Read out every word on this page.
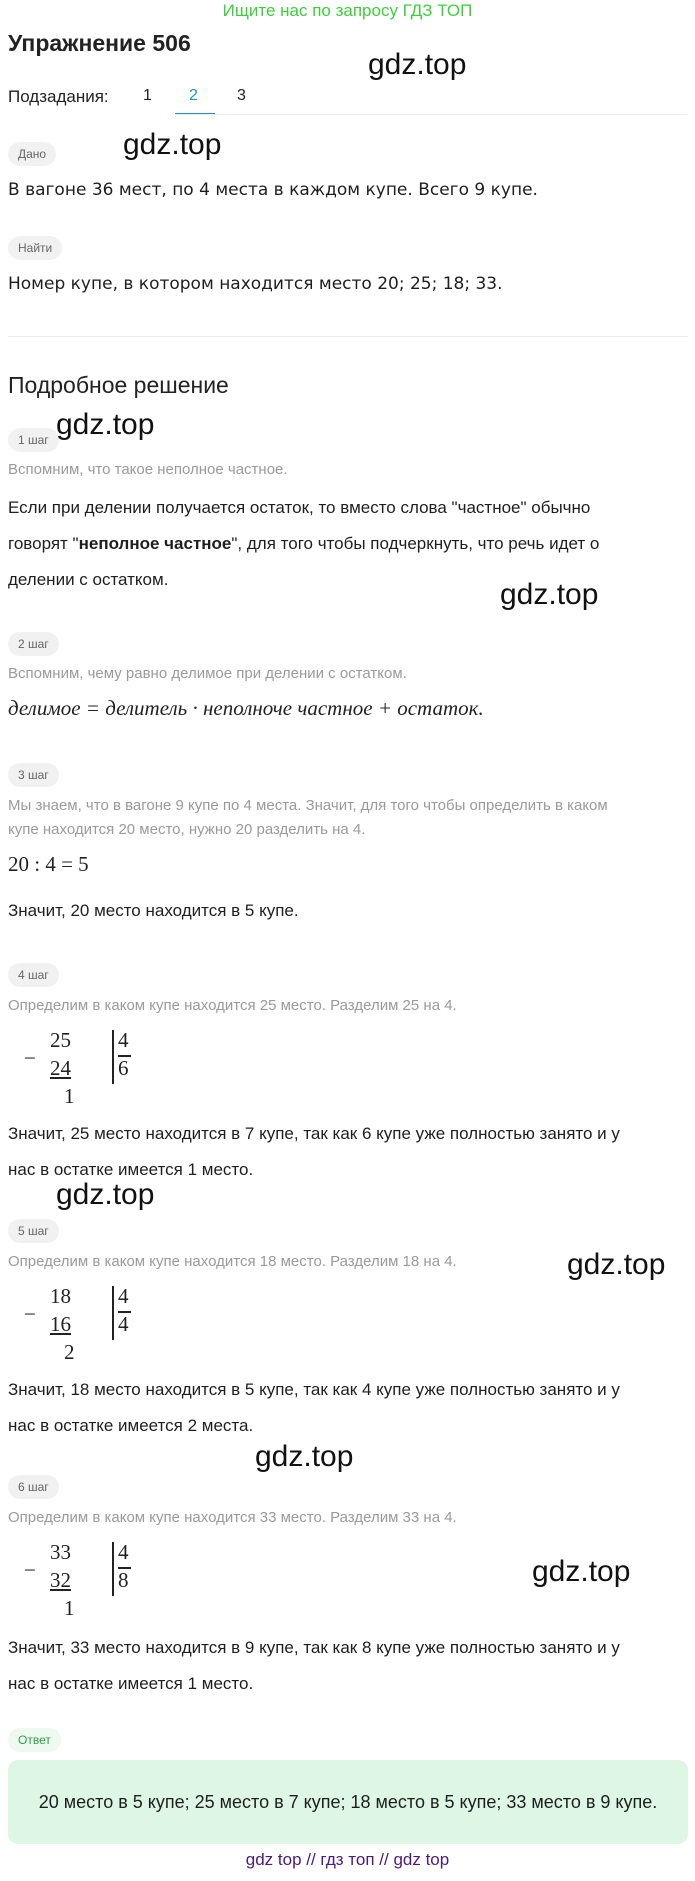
Ищите нас по запросу ГДЗ ТОП
Упражнение 506
gdz.top
Подзадания: 1 2 3
Дано	gdz.top
В вагоне 36 мест, по 4 места в каждом купе. Всего 9 купе.
Найти
Номер купе, в котором находится место 20; 25; 18; 33.
Подробное решение
1 шаг gdz.top
Вспомним, что такое неполное частное.
Если при делении получается остаток, то вместо слова "частное" обычно
говорят "неполное частное", для того чтобы подчеркнуть, что речь идет о
делении с остатком.	gdz.top
2 шаг
Вспомним, чему равно делимое при делении с остатком.
делимое = делитель · неполноче частное + остаток.
3 шаг
Мы знаем, что в вагоне 9 купе по 4 места. Значит, для того чтобы определить в каком
купе находится 20 место, нужно 20 разделить на 4.
20 : 4 = 5
Значит, 20 место находится в 5 купе.
4 шаг
Определим в каком купе находится 25 место. Разделим 25 на 4.
−
25
24
1
4
6
Значит, 25 место находится в 7 купе, так как 6 купе уже полностью занято и у
нас в остатке имеется 1 место.
gdz.top
5 шаг
gdz.top
Определим в каком купе находится 18 место. Разделим 18 на 4.
−
18
16
2
4
4
Значит, 18 место находится в 5 купе, так как 4 купе уже полностью занято и у
нас в остатке имеется 2 места.
gdz.top
6 шаг
Определим в каком купе находится 33 место. Разделим 33 на 4.
−
33
32
1
4
8	gdz.top
Значит, 33 место находится в 9 купе, так как 8 купе уже полностью занято и у
нас в остатке имеется 1 место.
Ответ
20 место в 5 купе; 25 место в 7 купе; 18 место в 5 купе; 33 место в 9 купе.
gdz top // гдз топ // gdz top
